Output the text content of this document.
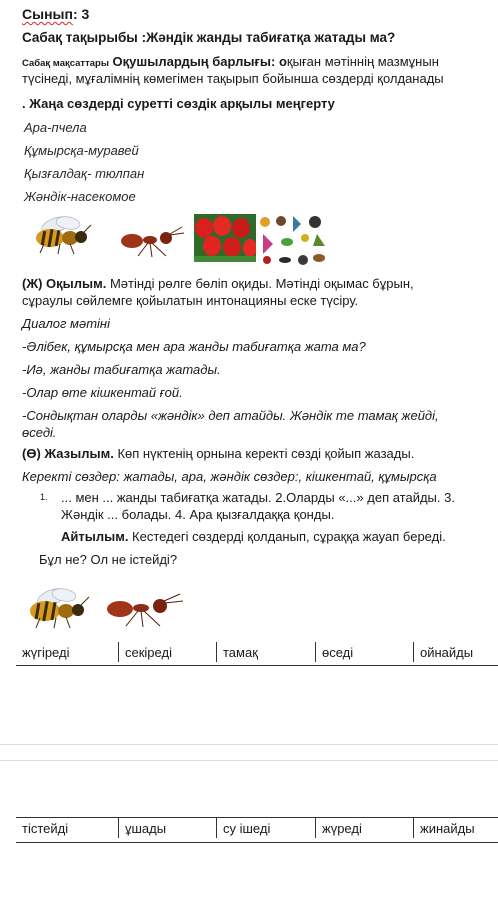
Сынып: 3
Сабақ тақырыбы :Жәндік жанды табиғатқа жатады ма?
Сабақ мақсаттары Оқушылардың барлығы: оқыған мәтіннің мазмұнын
түсінеді, мұғалімнің көмегімен тақырып бойынша сөздерді қолданады
. Жаңа сөздерді суретті сөздік арқылы меңгерту
Ара-пчела
Құмырсқа-муравей
Қызғалдақ- тюлпан
Жәндік-насекомое
(Ж) Оқылым. Мәтінді рөлге бөліп оқиды. Мәтінді оқымас бұрын,
сұраулы сөйлемге қойылатын интонацияны еске түсіру.
Диалог мәтіні
-Әлібек, құмырсқа мен ара жанды табиғатқа жата ма?
-Иә, жанды табиғатқа жатады.
-Олар өте кішкентай ғой.
-Сондықтан оларды «жәндік» деп атайды. Жәндік те тамақ жейді,
өседі.
(Ө) Жазылым. Көп нүктенің орнына керекті сөзді қойып жазады.
Керекті сөздер: жатады, ара, жәндік сөздер:, кішкентай, құмырсқа
1. ... мен ... жанды табиғатқа жатады. 2.Оларды «...» деп атайды. 3.
Жәндік ... болады. 4. Ара қызғалдаққа қонды.
Айтылым. Кестедегі сөздерді қолданып, сұраққа жауап береді.
Бұл не? Ол не істейді?
жүгіреді	секіреді	тамақ	өседі	ойнайды
тістейді	ұшады	су ішеді	жүреді	жинайды
